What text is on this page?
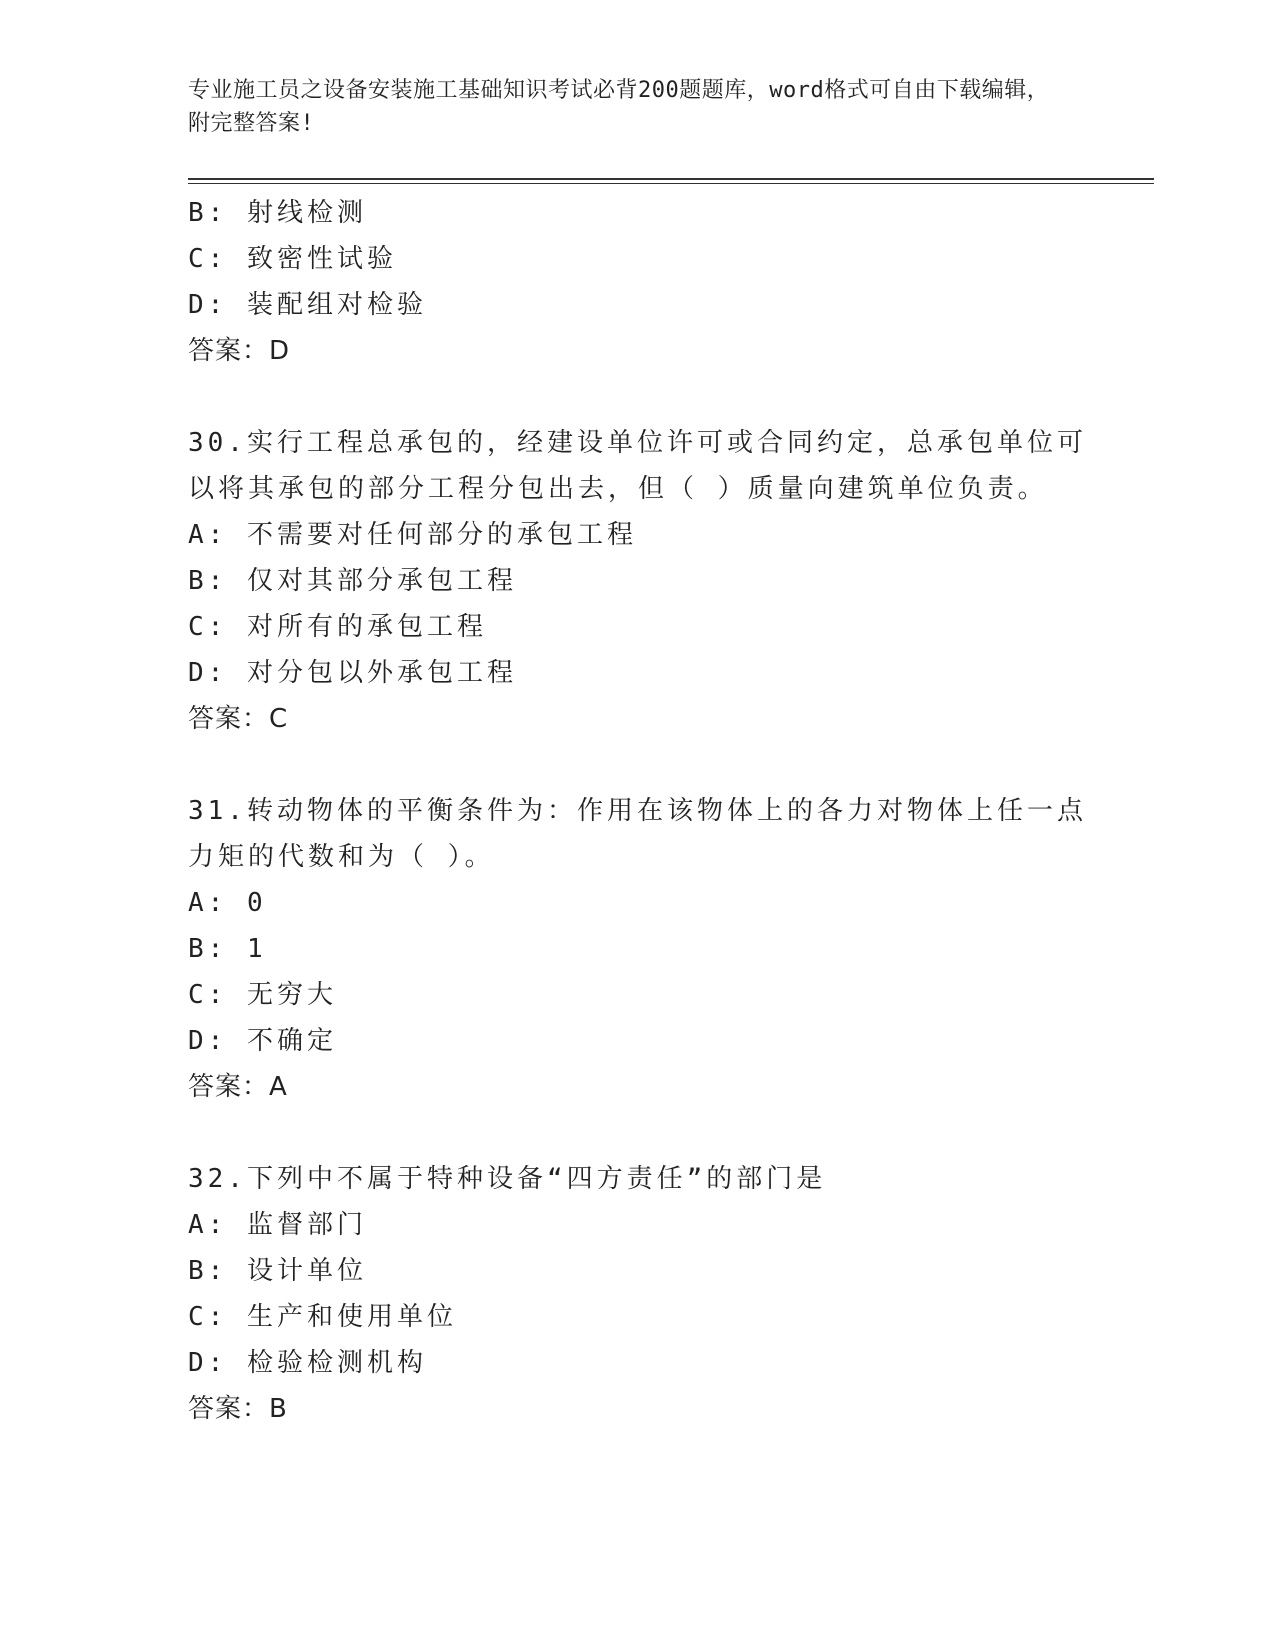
专业施工员之设备安装施工基础知识考试必背200题题库，word格式可自由下载编辑，附完整答案!
B: 射线检测
C: 致密性试验
D: 装配组对检验
答案：D
30.实行工程总承包的，经建设单位许可或合同约定，总承包单位可以将其承包的部分工程分包出去，但（ ）质量向建筑单位负责。
A: 不需要对任何部分的承包工程
B: 仅对其部分承包工程
C: 对所有的承包工程
D: 对分包以外承包工程
答案：C
31.转动物体的平衡条件为：作用在该物体上的各力对物体上任一点力矩的代数和为（ ）。
A: 0
B: 1
C: 无穷大
D: 不确定
答案：A
32.下列中不属于特种设备“四方责任”的部门是
A: 监督部门
B: 设计单位
C: 生产和使用单位
D: 检验检测机构
答案：B
